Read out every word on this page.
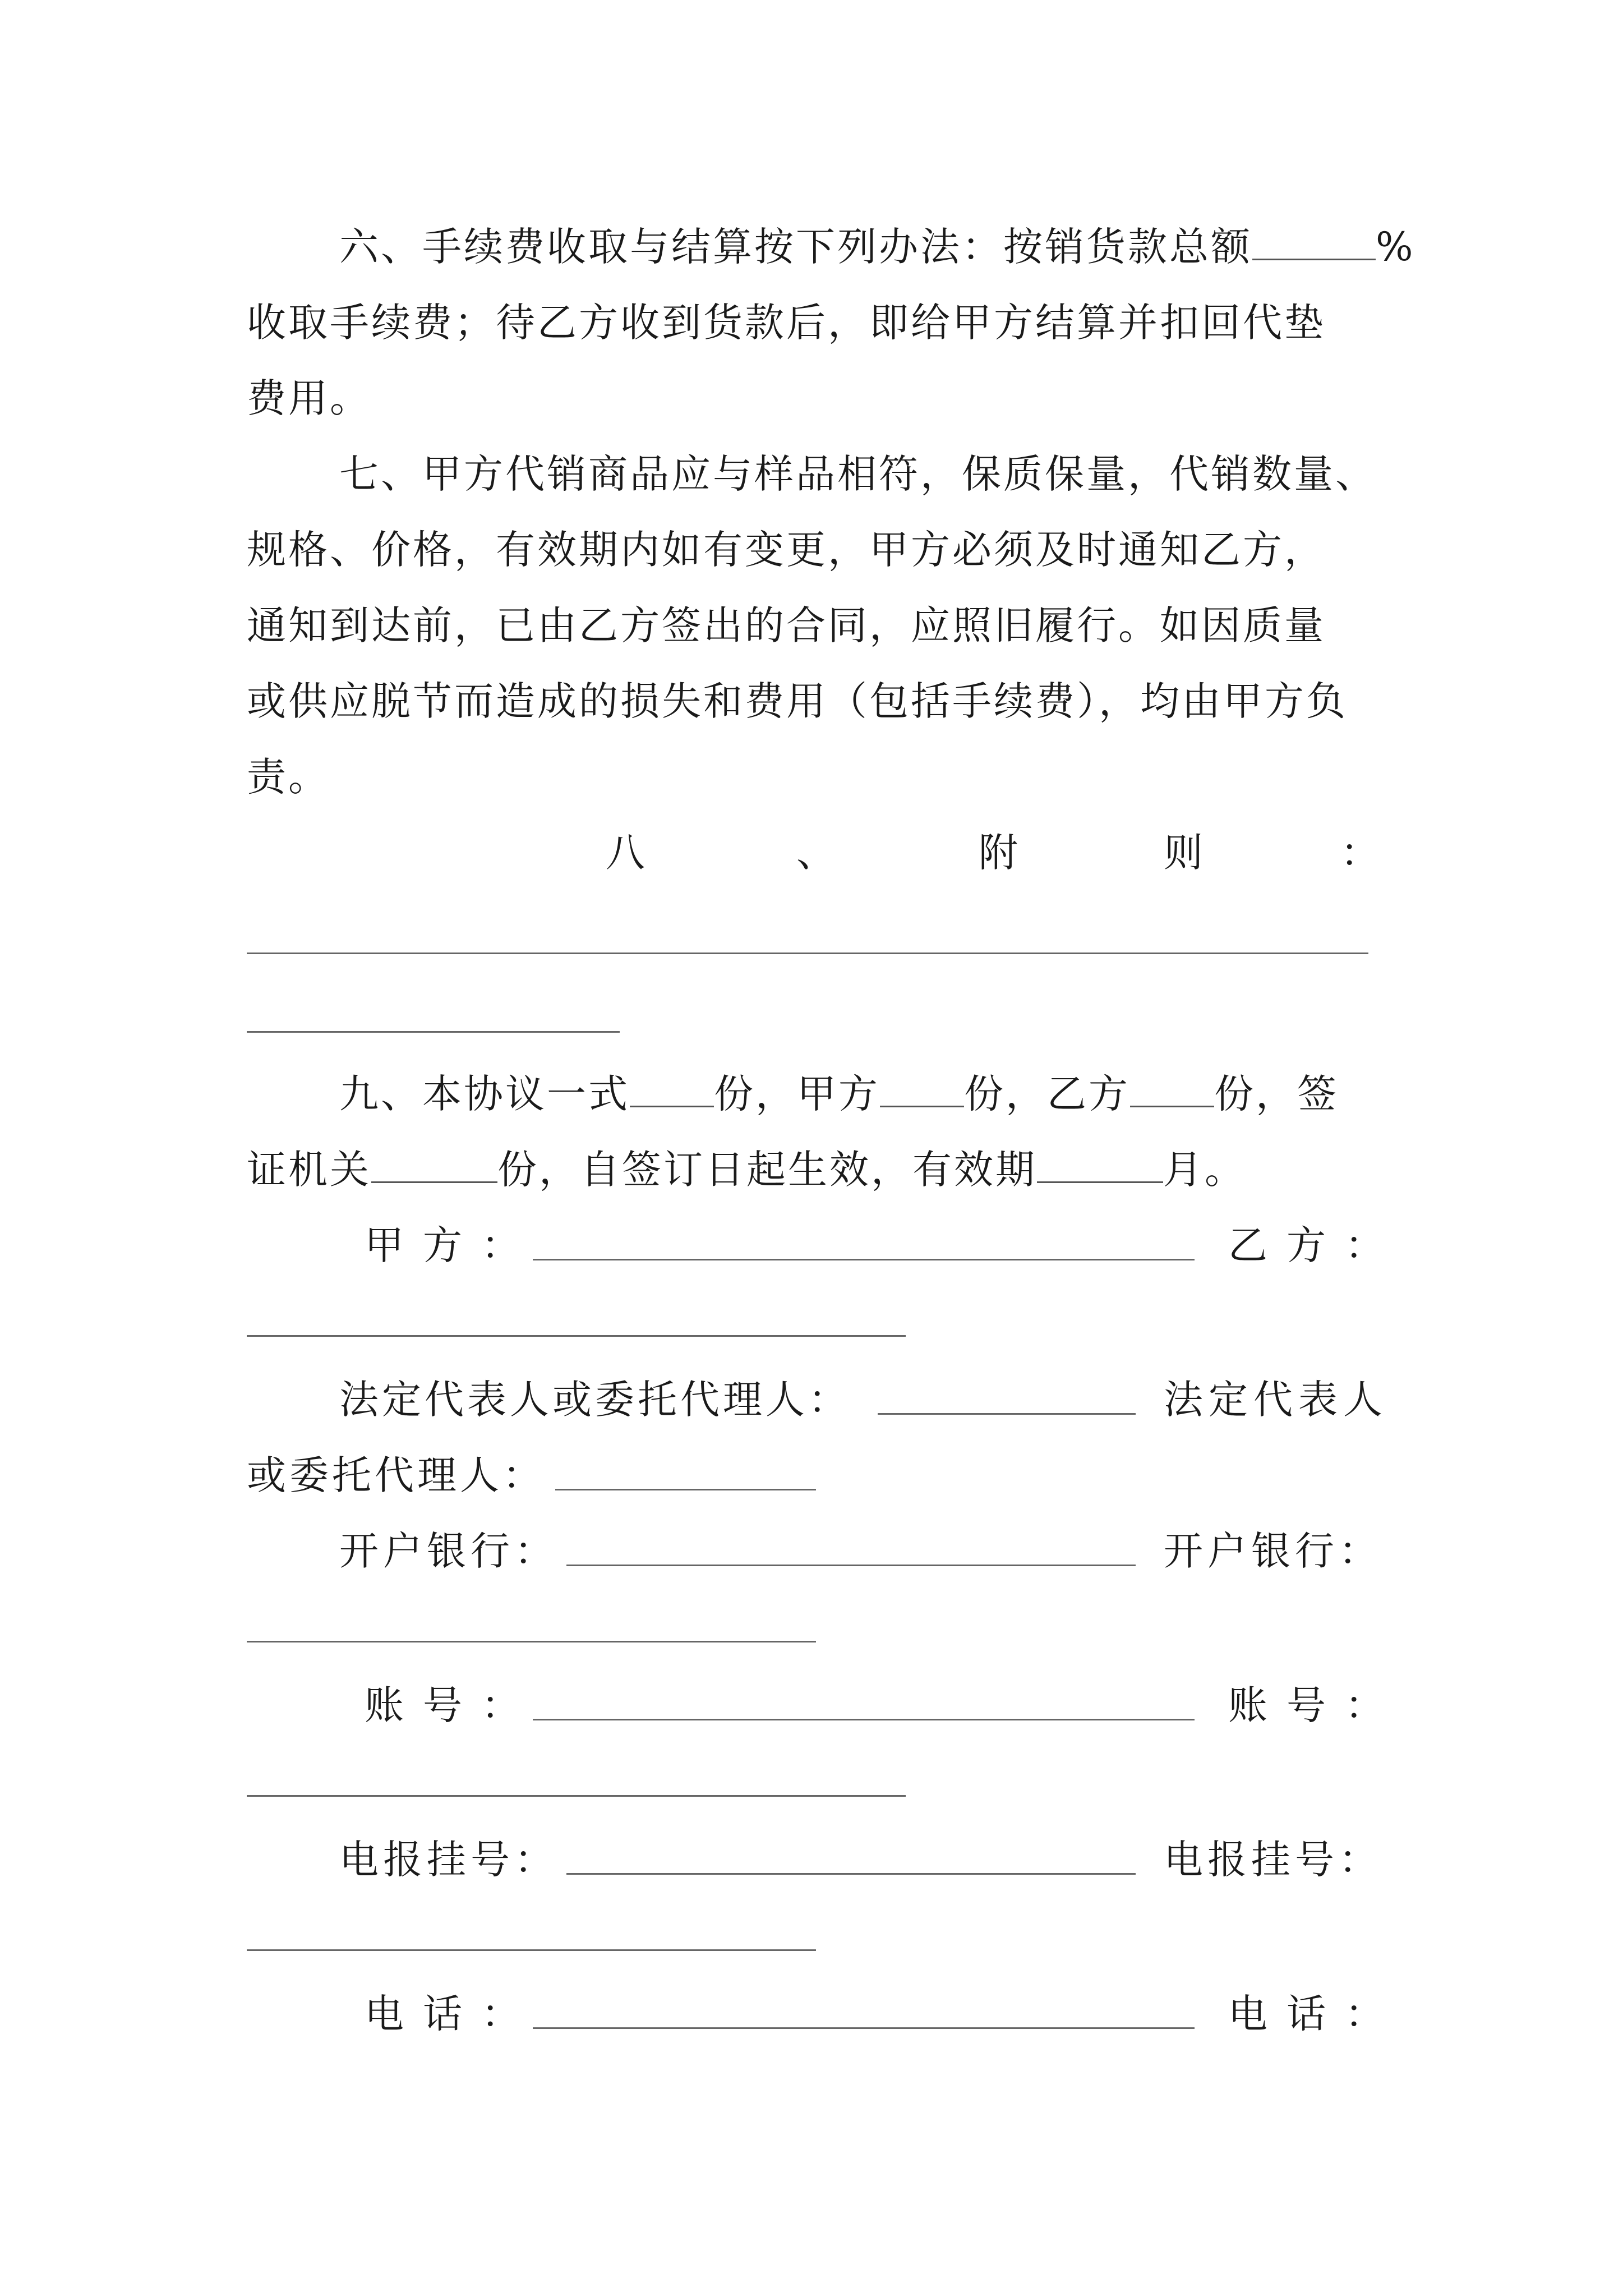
六、手续费收取与结算按下列办法：按销货款总额	%
收取手续费；待乙方收到货款后，即给甲方结算并扣回代垫
费用。
七、甲方代销商品应与样品相符，保质保量，代销数量、
规格、价格，有效期内如有变更，甲方必须及时通知乙方，
通知到达前，已由乙方签出的合同，应照旧履行。如因质量
或供应脱节而造成的损失和费用（包括手续费），均由甲方负
责。
八	、	附	则	：
九、本协议一式 份，甲方 份，乙方 份，签
证机关	份，自签订日起生效，有效期	月。
甲方：	乙方：
法定代表人或委托代理人：	法定代表人
或委托代理人：
开户银行：	开户银行：
账号：	账号：
电报挂号：	电报挂号：
电话：	电话：
